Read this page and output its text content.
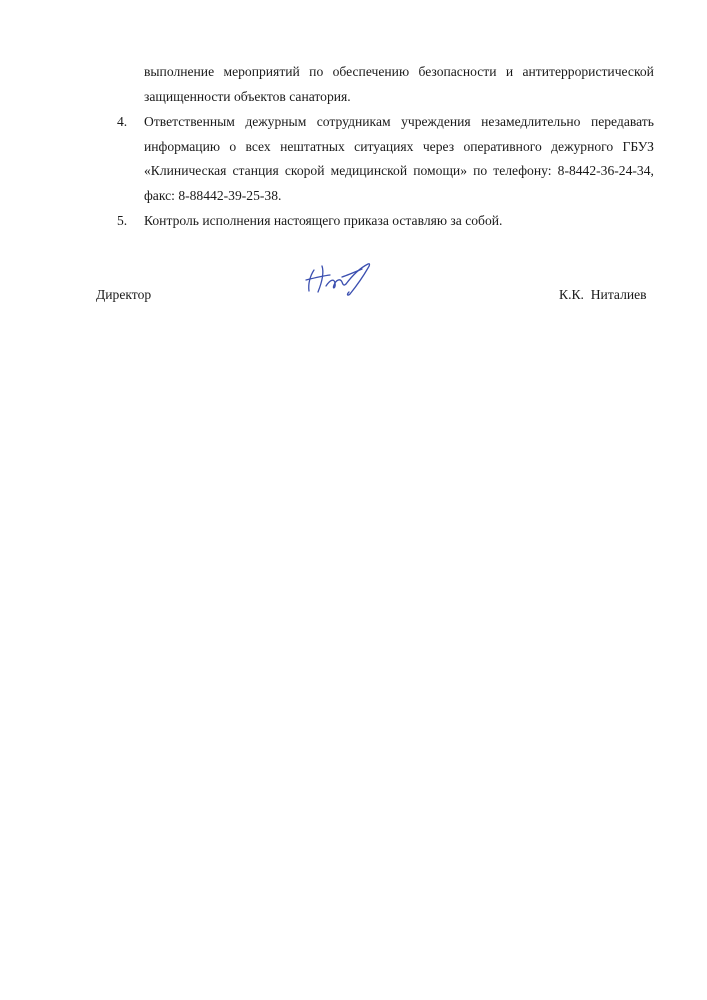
выполнение мероприятий по обеспечению безопасности и антитеррористической
защищенности объектов санатория.
4. Ответственным дежурным сотрудникам учреждения незамедлительно передавать
информацию о всех нештатных ситуациях через оперативного дежурного ГБУЗ
«Клиническая станция скорой медицинской помощи» по телефону: 8-8442-36-24-34,
факс: 8-88442-39-25-38.
5. Контроль исполнения настоящего приказа оставляю за собой.
Директор	К.К.  Ниталиев
